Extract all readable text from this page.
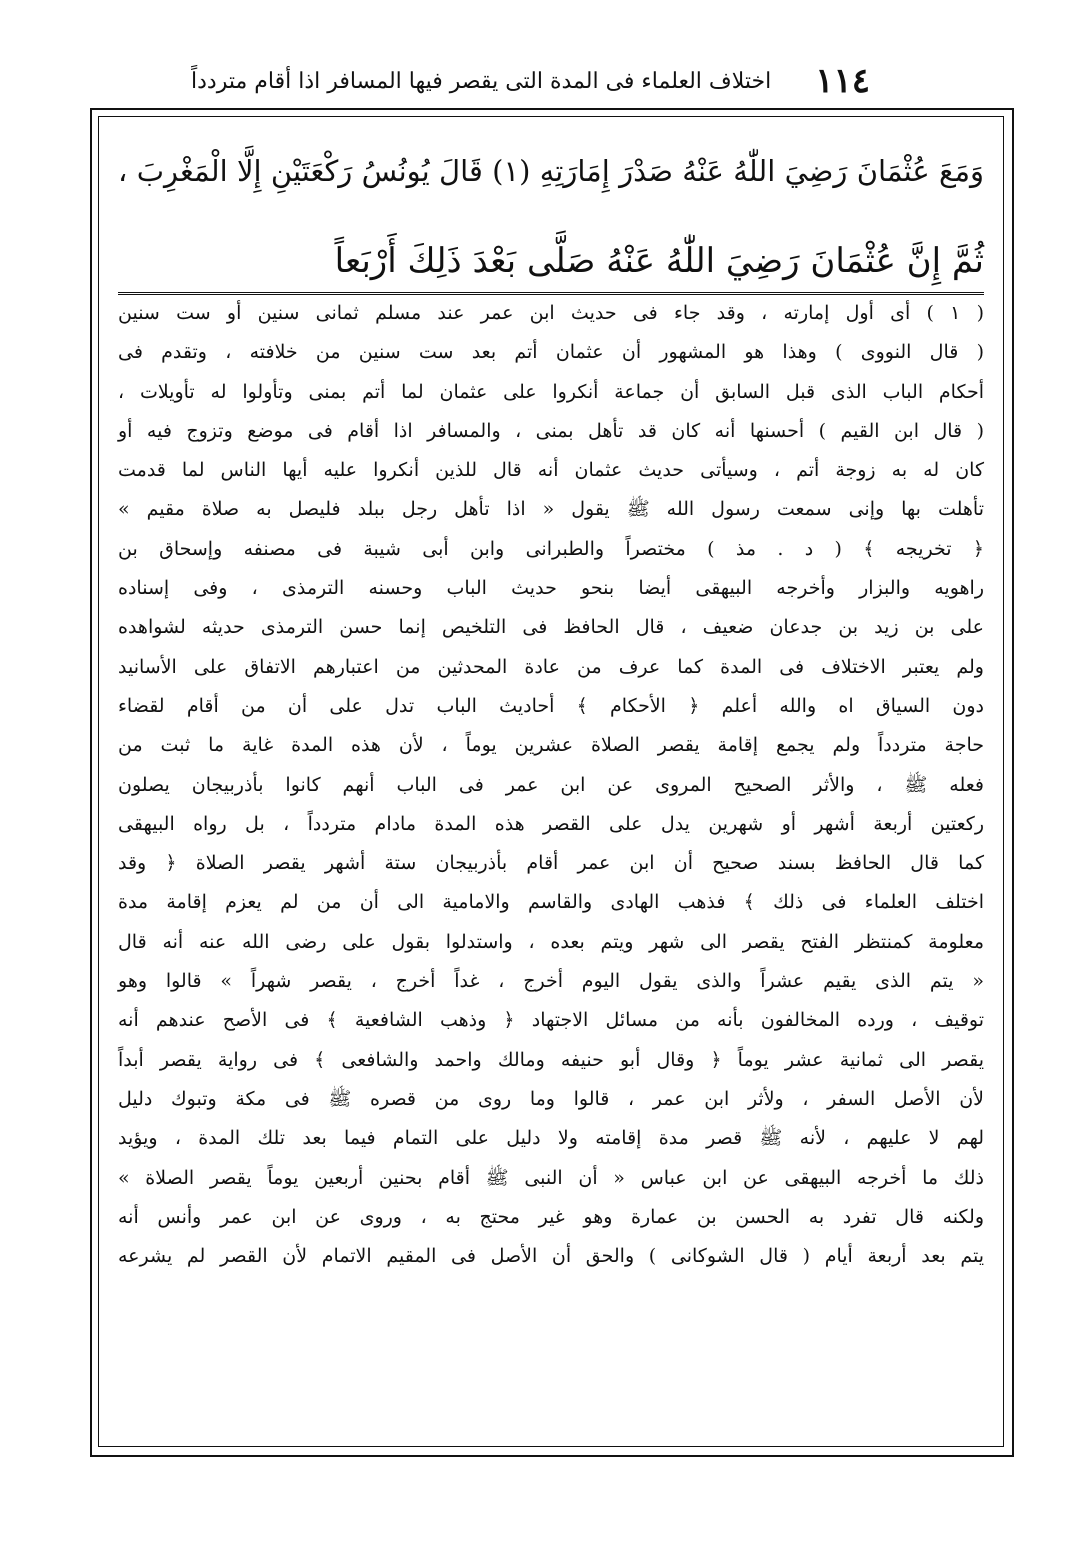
١١٤
اختلاف العلماء فى المدة التى يقصر فيها المسافر اذا أقام متردداً
وَمَعَ عُثْمَانَ رَضِيَ اللّٰهُ عَنْهُ صَدْرَ إِمَارَتِهِ (١) قَالَ يُونُسُ رَكْعَتَيْنِ إِلَّا الْمَغْرِبَ ،
ثُمَّ إِنَّ عُثْمَانَ رَضِيَ اللّٰهُ عَنْهُ صَلَّى بَعْدَ ذَلِكَ أَرْبَعاً
( ١ ) أى أول إمارته ، وقد جاء فى حديث ابن عمر عند مسلم ثمانى سنين أو ست سنين
( قال النووى ) وهذا هو المشهور أن عثمان أتم بعد ست سنين من خلافته ، وتقدم فى
أحكام الباب الذى قبل السابق أن جماعة أنكروا على عثمان لما أتم بمنى وتأولوا له تأويلات ،
( قال ابن القيم ) أحسنها أنه كان قد تأهل بمنى ، والمسافر اذا أقام فى موضع وتزوج فيه أو
كان له به زوجة أتم ، وسيأتى حديث عثمان أنه قال للذين أنكروا عليه أيها الناس لما قدمت
تأهلت بها وإنى سمعت رسول الله ﷺ يقول « اذا تأهل رجل ببلد فليصل به صلاة مقيم »
﴿ تخريجه ﴾ ( د . مذ ) مختصراً والطبرانى وابن أبى شيبة فى مصنفه وإسحاق بن
راهويه والبزار وأخرجه البيهقى أيضا بنحو حديث الباب وحسنه الترمذى ، وفى إسناده
على بن زيد بن جدعان ضعيف ، قال الحافظ فى التلخيص إنما حسن الترمذى حديثه لشواهده
ولم يعتبر الاختلاف فى المدة كما عرف من عادة المحدثين من اعتبارهم الاتفاق على الأسانيد
دون السياق اه والله أعلم ﴿ الأحكام ﴾ أحاديث الباب تدل على أن من أقام لقضاء
حاجة متردداً ولم يجمع إقامة يقصر الصلاة عشرين يوماً ، لأن هذه المدة غاية ما ثبت من
فعله ﷺ ، والأثر الصحيح المروى عن ابن عمر فى الباب أنهم كانوا بأذربيجان يصلون
ركعتين أربعة أشهر أو شهرين يدل على القصر هذه المدة مادام متردداً ، بل رواه البيهقى
كما قال الحافظ بسند صحيح أن ابن عمر أقام بأذربيجان ستة أشهر يقصر الصلاة ﴿ وقد
اختلف العلماء فى ذلك ﴾ فذهب الهادى والقاسم والامامية الى أن من لم يعزم إقامة مدة
معلومة كمنتظر الفتح يقصر الى شهر ويتم بعده ، واستدلوا بقول على رضى الله عنه أنه قال
« يتم الذى يقيم عشراً والذى يقول اليوم أخرج ، غداً أخرج ، يقصر شهراً » قالوا وهو
توقيف ، ورده المخالفون بأنه من مسائل الاجتهاد ﴿ وذهب الشافعية ﴾ فى الأصح عندهم أنه
يقصر الى ثمانية عشر يوماً ﴿ وقال أبو حنيفه ومالك واحمد والشافعى ﴾ فى رواية يقصر أبداً
لأن الأصل السفر ، ولأثر ابن عمر ، قالوا وما روى من قصره ﷺ فى مكة وتبوك دليل
لهم لا عليهم ، لأنه ﷺ قصر مدة إقامته ولا دليل على التمام فيما بعد تلك المدة ، ويؤيد
ذلك ما أخرجه البيهقى عن ابن عباس « أن النبى ﷺ أقام بحنين أربعين يوماً يقصر الصلاة »
ولكنه قال تفرد به الحسن بن عمارة وهو غير محتج به ، وروى عن ابن عمر وأنس أنه
يتم بعد أربعة أيام ( قال الشوكانى ) والحق أن الأصل فى المقيم الاتمام لأن القصر لم يشرعه
